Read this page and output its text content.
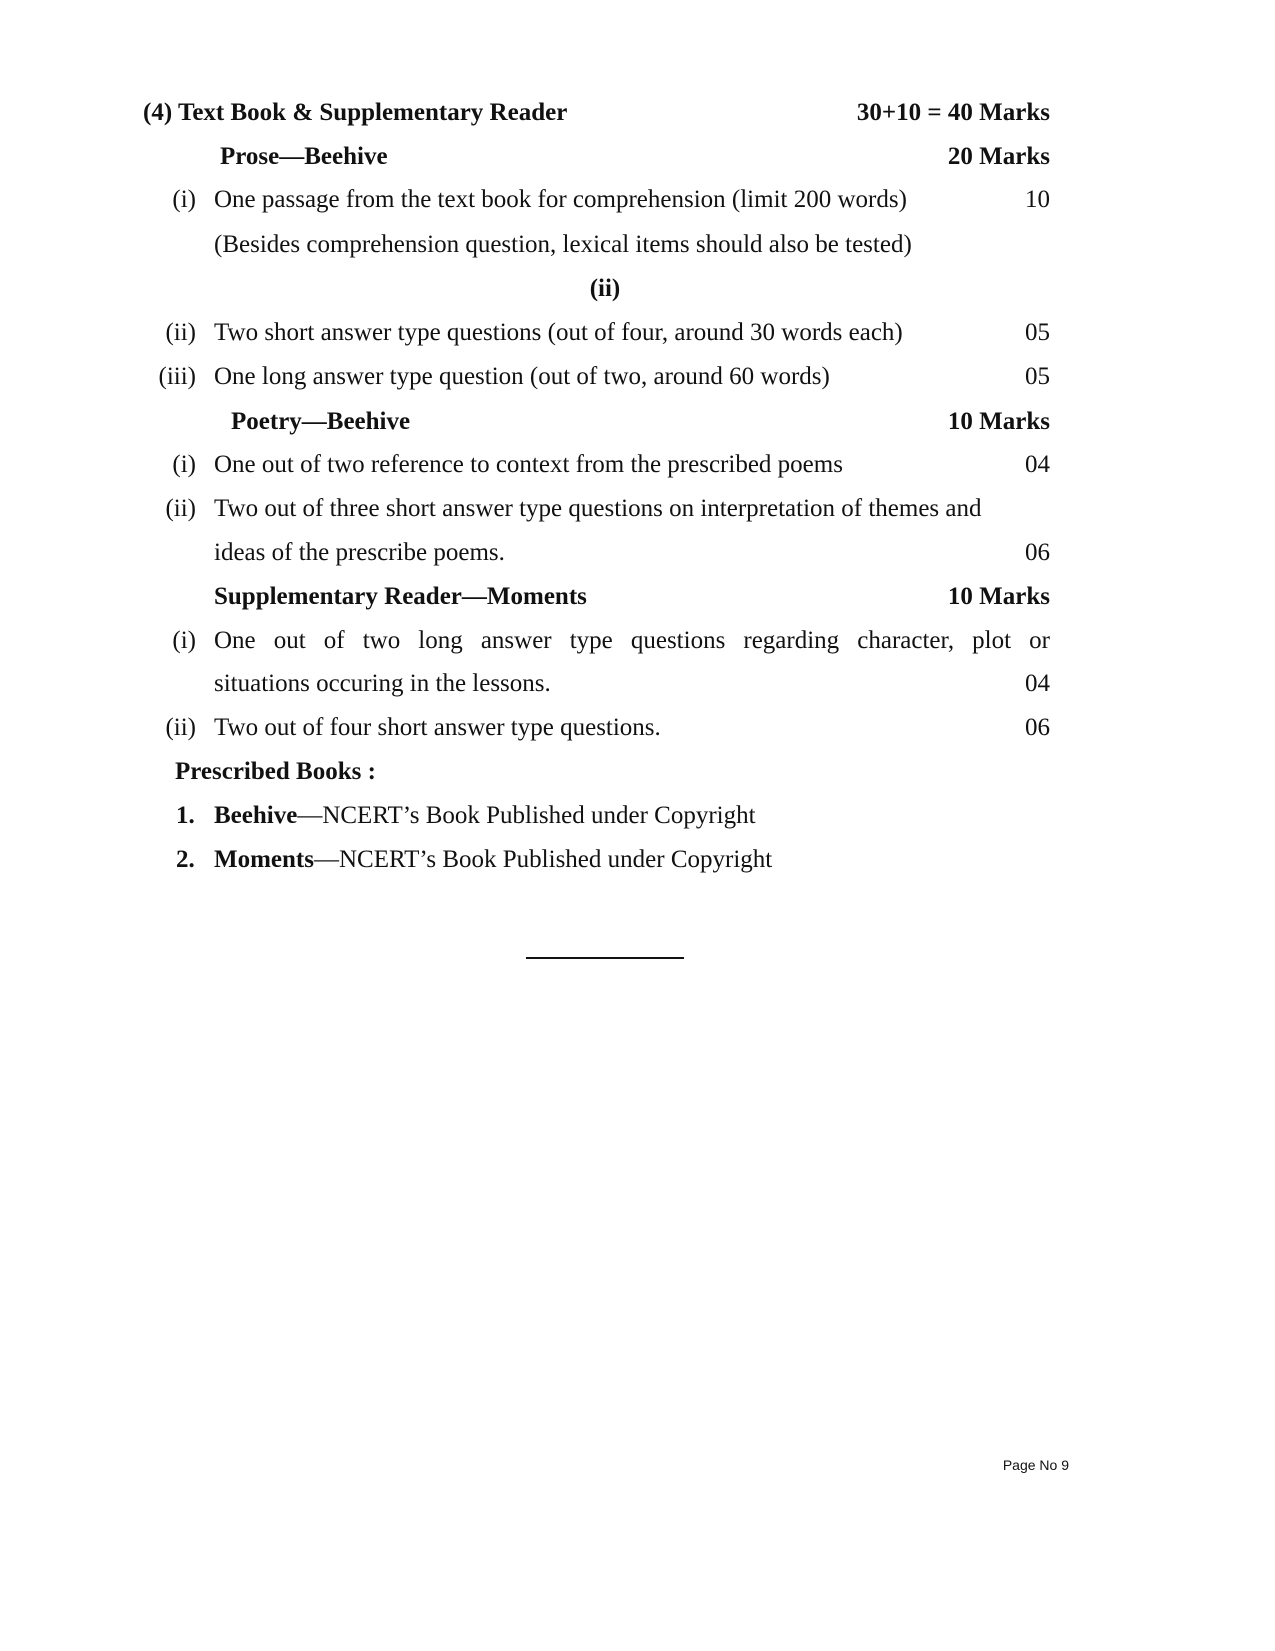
(4) Text Book & Supplementary Reader	30+10 = 40 Marks
Prose—Beehive	20 Marks
(i) One passage from the text book for comprehension (limit 200 words)	10
(Besides comprehension question, lexical items should also be tested)
(ii)
(ii) Two short answer type questions (out of four, around 30 words each)	05
(iii) One long answer type question (out of two, around 60 words)	05
Poetry—Beehive	10 Marks
(i) One out of two reference to context from the prescribed poems	04
(ii) Two out of three short answer type questions on interpretation of themes and
ideas of the prescribe poems.	06
Supplementary Reader—Moments	10 Marks
(i) One out of two long answer type questions regarding character, plot or
situations occuring in the lessons.	04
(ii) Two out of four short answer type questions.	06
Prescribed Books :
1. Beehive—NCERT’s Book Published under Copyright
2. Moments—NCERT’s Book Published under Copyright
Page No 9
